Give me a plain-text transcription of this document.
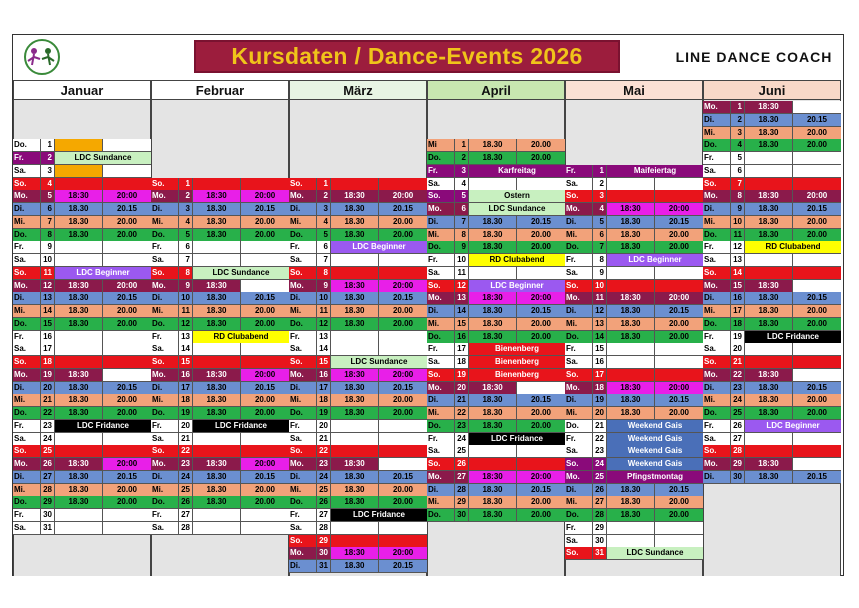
Kursdaten / Dance-Events 2026	LINE DANCE COACH
Januar
Do.	1
Fr.	2	LDC Sundance
Sa.	3
So.	4
Mo.	5	18:30	20:00
Di.	6	18.30	20.15
Mi.	7	18.30	20.00
Do.	8	18.30	20.00
Fr.	9
Sa.	10
So.	11	LDC Beginner
Mo.	12	18:30	20:00
Di.	13	18.30	20.15
Mi.	14	18.30	20.00
Do.	15	18.30	20.00
Fr.	16
Sa.	17
So.	18
Mo.	19	18:30
Di.	20	18.30	20.15
Mi.	21	18.30	20.00
Do.	22	18.30	20.00
Fr.	23	LDC Fridance
Sa.	24
So.	25
Mo.	26	18:30	20:00
Di.	27	18.30	20.15
Mi.	28	18.30	20.00
Do.	29	18.30	20.00
Fr.	30
Sa.	31
Februar
So.	1
Mo.	2	18:30	20:00
Di.	3	18.30	20.15
Mi.	4	18.30	20.00
Do.	5	18.30	20.00
Fr.	6
Sa.	7
So.	8	LDC Sundance
Mo.	9	18:30
Di.	10	18.30	20.15
Mi.	11	18.30	20.00
Do.	12	18.30	20.00
Fr.	13	RD Clubabend
Sa.	14
So.	15
Mo.	16	18:30	20:00
Di.	17	18.30	20.15
Mi.	18	18.30	20.00
Do.	19	18.30	20.00
Fr.	20	LDC Fridance
Sa.	21
So.	22
Mo.	23	18:30	20:00
Di.	24	18.30	20.15
Mi.	25	18.30	20.00
Do.	26	18.30	20.00
Fr.	27
Sa.	28
März
So.	1
Mo.	2	18:30	20:00
Di.	3	18.30	20.15
Mi.	4	18.30	20.00
Do.	5	18.30	20.00
Fr.	6	LDC Beginner
Sa.	7
So.	8
Mo.	9	18:30	20:00
Di.	10	18.30	20.15
Mi.	11	18.30	20.00
Do.	12	18.30	20.00
Fr.	13
Sa.	14
So.	15	LDC Sundance
Mo.	16	18:30	20:00
Di.	17	18.30	20.15
Mi.	18	18.30	20.00
Do.	19	18.30	20.00
Fr.	20
Sa.	21
So.	22
Mo.	23	18:30
Di.	24	18.30	20.15
Mi.	25	18.30	20.00
Do.	26	18.30	20.00
Fr.	27	LDC Fridance
Sa.	28
So.	29
Mo.	30	18:30	20:00
Di.	31	18.30	20.15
April
Mi	1	18.30	20.00
Do.	2	18.30	20.00
Fr.	3	Karfreitag
Sa.	4
So.	5	Ostern
Mo.	6	LDC Sundance
Di.	7	18.30	20.15
Mi.	8	18.30	20.00
Do.	9	18.30	20.00
Fr.	10	RD Clubabend
Sa.	11
So.	12	LDC Beginner
Mo.	13	18:30	20:00
Di.	14	18.30	20.15
Mi.	15	18.30	20.00
Do.	16	18.30	20.00
Fr.	17	Bienenberg
Sa.	18	Bienenberg
So.	19	Bienenberg
Mo.	20	18:30
Di.	21	18.30	20.15
Mi.	22	18.30	20.00
Do.	23	18.30	20.00
Fr.	24	LDC Fridance
Sa.	25
So.	26
Mo.	27	18:30	20:00
Di.	28	18.30	20.15
Mi.	29	18.30	20.00
Do.	30	18.30	20.00
Mai
Fr.	1	Maifeiertag
Sa.	2
So.	3
Mo.	4	18:30	20:00
Di.	5	18.30	20.15
Mi.	6	18.30	20.00
Do.	7	18.30	20.00
Fr.	8	LDC Beginner
Sa.	9
So.	10
Mo.	11	18:30	20:00
Di.	12	18.30	20.15
Mi.	13	18.30	20.00
Do.	14	18.30	20.00
Fr.	15
Sa.	16
So.	17
Mo.	18	18:30	20:00
Di.	19	18.30	20.15
Mi.	20	18.30	20.00
Do.	21	Weekend Gais
Fr.	22	Weekend Gais
Sa.	23	Weekend Gais
So.	24	Weekend Gais
Mo.	25	Pfingstmontag
Di.	26	18.30	20.15
Mi.	27	18.30	20.00
Do.	28	18.30	20.00
Fr.	29
Sa.	30
So.	31	LDC Sundance
Juni
Mo.	1	18:30
Di.	2	18.30	20.15
Mi.	3	18.30	20.00
Do.	4	18.30	20.00
Fr.	5
Sa.	6
So.	7
Mo.	8	18:30	20:00
Di.	9	18.30	20.15
Mi.	10	18.30	20.00
Do.	11	18.30	20.00
Fr.	12	RD Clubabend
Sa.	13
So.	14
Mo.	15	18:30
Di.	16	18.30	20.15
Mi.	17	18.30	20.00
Do.	18	18.30	20.00
Fr.	19	LDC Fridance
Sa.	20
So.	21
Mo.	22	18:30
Di.	23	18.30	20.15
Mi.	24	18.30	20.00
Do.	25	18.30	20.00
Fr.	26	LDC Beginner
Sa.	27
So.	28
Mo.	29	18:30
Di.	30	18.30	20.15
